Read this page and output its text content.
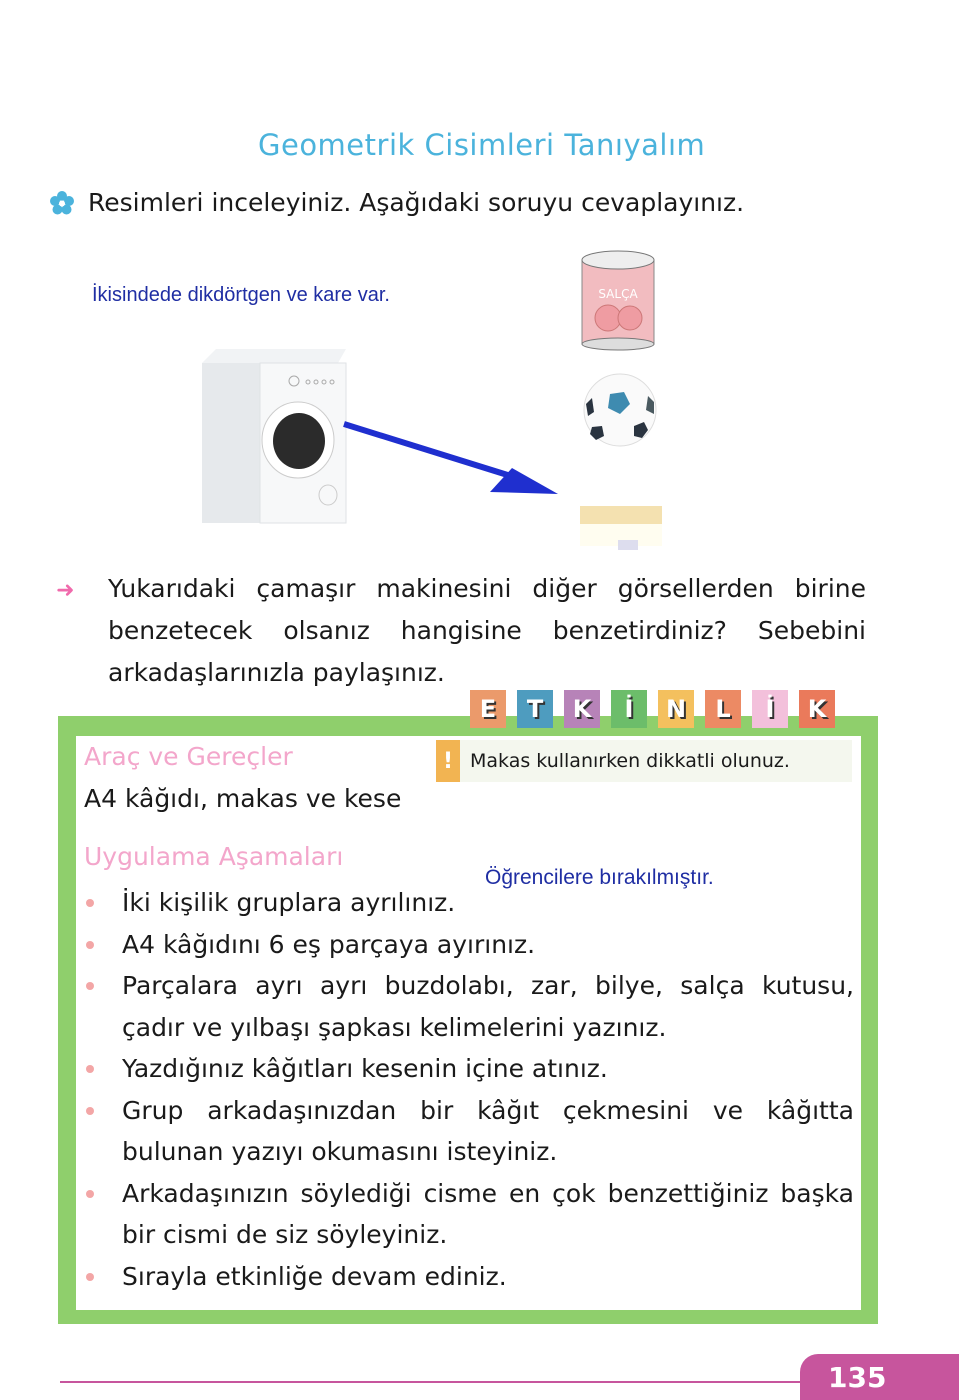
Geometrik Cisimleri Tanıyalım
Resimleri inceleyiniz. Aşağıdaki soruyu cevaplayınız.
İkisindede dikdörtgen ve kare var.	SALÇA
➜	Yukarıdaki çamaşır makinesini diğer görsellerden birine benzetecek olsanız hangisine benzetirdiniz? Sebebini arkadaşlarınızla paylaşınız.
E	T	K	İ	N	L	İ	K
! Makas kullanırken dikkatli olunuz.
Araç ve Gereçler
A4 kâğıdı, makas ve kese
Uygulama Aşamaları
Öğrencilere bırakılmıştır.
İki kişilik gruplara ayrılınız.
A4 kâğıdını 6 eş parçaya ayırınız.
Parçalara ayrı ayrı buzdolabı, zar, bilye, salça kutusu, çadır ve yılbaşı şapkası kelimelerini yazınız.
Yazdığınız kâğıtları kesenin içine atınız.
Grup arkadaşınızdan bir kâğıt çekmesini ve kâğıtta bulunan yazıyı okumasını isteyiniz.
Arkadaşınızın söylediği cisme en çok benzettiğiniz başka bir cismi de siz söyleyiniz.
Sırayla etkinliğe devam ediniz.
135
